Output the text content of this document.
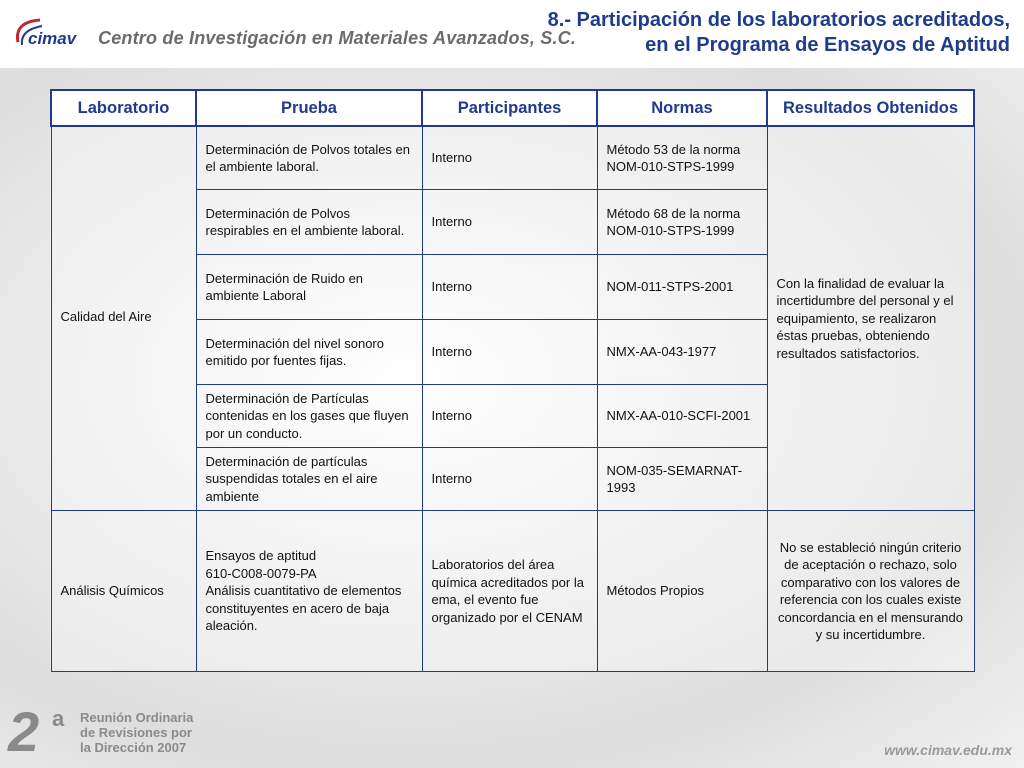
cimav Centro de Investigación en Materiales Avanzados, S.C.
8.- Participación de los laboratorios acreditados,
en el Programa de Ensayos de Aptitud
Laboratorio	Prueba	Participantes	Normas	Resultados Obtenidos
Calidad del Aire	Determinación de Polvos totales en el ambiente laboral.	Interno	Método 53 de la norma NOM-010-STPS-1999	Con la finalidad de evaluar la incertidumbre del personal y el equipamiento, se realizaron éstas pruebas, obteniendo resultados satisfactorios.
	Determinación de Polvos respirables en el ambiente laboral.	Interno	Método 68 de la norma NOM-010-STPS-1999	
	Determinación de Ruido en ambiente Laboral	Interno	NOM-011-STPS-2001	
	Determinación del nivel sonoro emitido por fuentes fijas.	Interno	NMX-AA-043-1977	
	Determinación de Partículas contenidas en los gases que fluyen por un conducto.	Interno	NMX-AA-010-SCFI-2001	
	Determinación de partículas suspendidas totales en el aire ambiente	Interno	NOM-035-SEMARNAT-1993	
Análisis Químicos	Ensayos de aptitud
610-C008-0079-PA
Análisis cuantitativo de elementos constituyentes en acero de baja aleación.	Laboratorios del área química acreditados por la ema, el evento fue organizado por el CENAM	Métodos Propios	No se estableció ningún criterio de aceptación o rechazo, solo comparativo con los valores de referencia con los cuales existe concordancia en el mensurando y su incertidumbre.
2 a Reunión Ordinaria
de Revisiones por
la Dirección 2007	www.cimav.edu.mx
